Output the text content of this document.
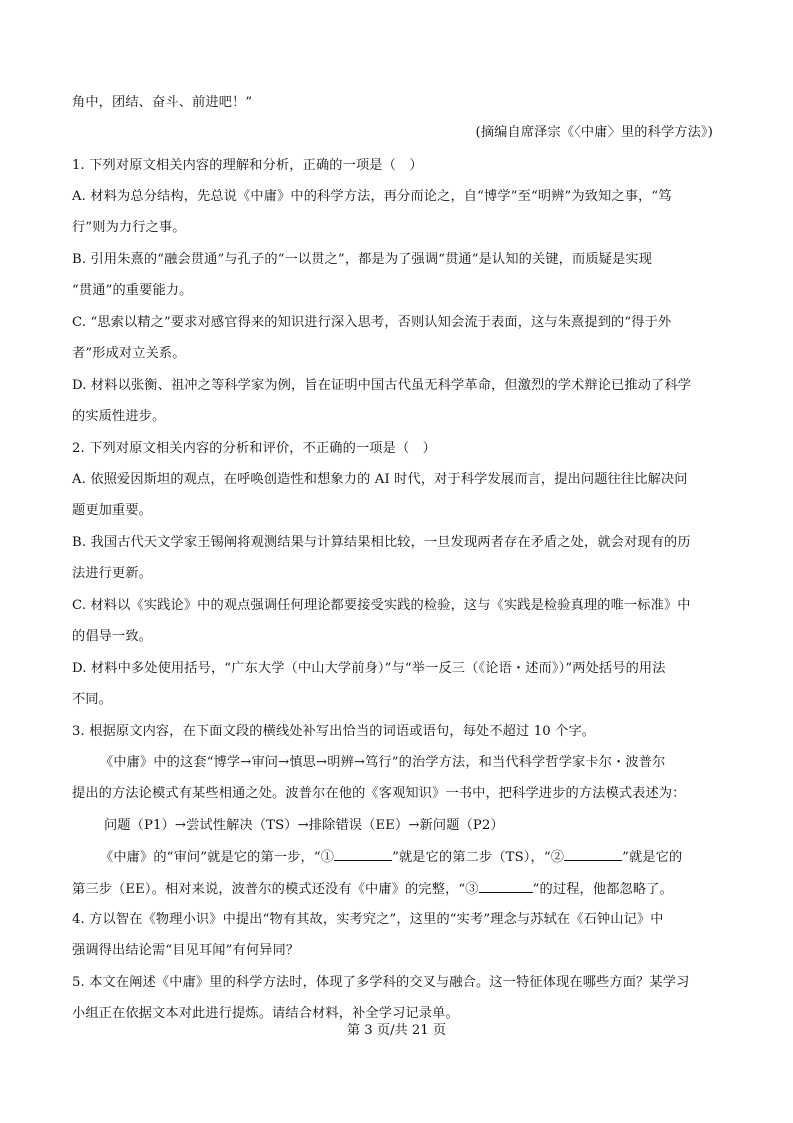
角中，团结、奋斗、前进吧！”
(摘编自席泽宗《〈中庸〉里的科学方法》)
1. 下列对原文相关内容的理解和分析，正确的一项是（　）
A. 材料为总分结构，先总说《中庸》中的科学方法，再分而论之，自“博学”至“明辨”为致知之事，“笃
行”则为力行之事。
B. 引用朱熹的“融会贯通”与孔子的“一以贯之”，都是为了强调“贯通”是认知的关键，而质疑是实现
“贯通”的重要能力。
C. “思索以精之”要求对感官得来的知识进行深入思考，否则认知会流于表面，这与朱熹提到的“得于外
者”形成对立关系。
D. 材料以张衡、祖冲之等科学家为例，旨在证明中国古代虽无科学革命，但激烈的学术辩论已推动了科学
的实质性进步。
2. 下列对原文相关内容的分析和评价，不正确的一项是（　）
A. 依照爱因斯坦的观点，在呼唤创造性和想象力的 AI 时代，对于科学发展而言，提出问题往往比解决问
题更加重要。
B. 我国古代天文学家王锡阐将观测结果与计算结果相比较，一旦发现两者存在矛盾之处，就会对现有的历
法进行更新。
C. 材料以《实践论》中的观点强调任何理论都要接受实践的检验，这与《实践是检验真理的唯一标准》中
的倡导一致。
D. 材料中多处使用括号，“广东大学（中山大学前身）”与“举一反三（《论语・述而》）”两处括号的用法
不同。
3. 根据原文内容，在下面文段的横线处补写出恰当的词语或语句，每处不超过 10 个字。
《中庸》中的这套“博学→审问→慎思→明辨→笃行”的治学方法，和当代科学哲学家卡尔・波普尔
提出的方法论模式有某些相通之处。波普尔在他的《客观知识》一书中，把科学进步的方法模式表述为：
问题（P1）→尝试性解决（TS）→排除错误（EE）→新问题（P2）
《中庸》的“审问”就是它的第一步，“①	”就是它的第二步（TS），“②	”就是它的
第三步（EE）。相对来说，波普尔的模式还没有《中庸》的完整，“③	”的过程，他都忽略了。
4. 方以智在《物理小识》中提出“物有其故，实考究之”，这里的“实考”理念与苏轼在《石钟山记》中
强调得出结论需“目见耳闻”有何异同？
5. 本文在阐述《中庸》里的科学方法时，体现了多学科的交叉与融合。这一特征体现在哪些方面？某学习
小组正在依据文本对此进行提炼。请结合材料，补全学习记录单。
第 3 页/共 21 页
